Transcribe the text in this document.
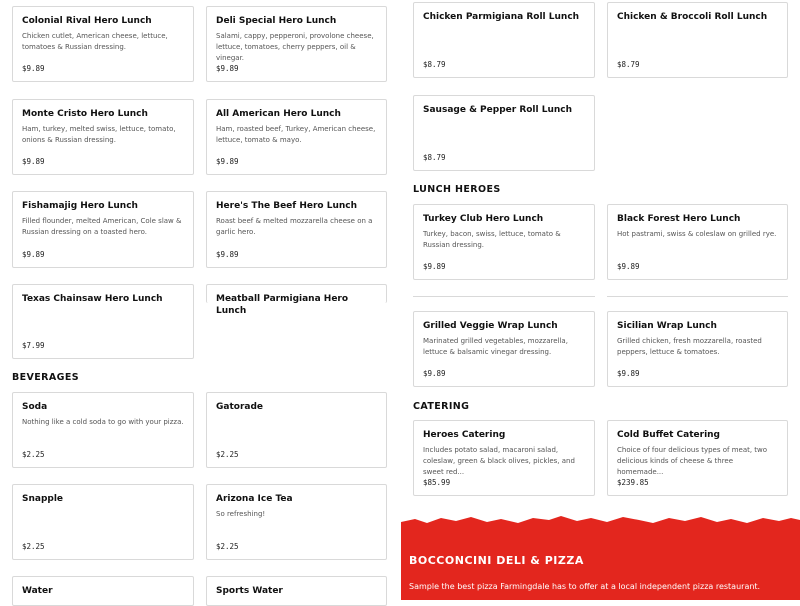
Colonial Rival Hero Lunch
Chicken cutlet, American cheese, lettuce, tomatoes & Russian dressing.
$9.89
Deli Special Hero Lunch
Salami, cappy, pepperoni, provolone cheese, lettuce, tomatoes, cherry peppers, oil & vinegar.
$9.89
Monte Cristo Hero Lunch
Ham, turkey, melted swiss, lettuce, tomato, onions & Russian dressing.
$9.89
All American Hero Lunch
Ham, roasted beef, Turkey, American cheese, lettuce, tomato & mayo.
$9.89
Fishamajig Hero Lunch
Filled flounder, melted American, Cole slaw & Russian dressing on a toasted hero.
$9.89
Here's The Beef Hero Lunch
Roast beef & melted mozzarella cheese on a garlic hero.
$9.89
Texas Chainsaw Hero Lunch
$7.99
Meatball Parmigiana Hero Lunch
BEVERAGES
Soda
Nothing like a cold soda to go with your pizza.
$2.25
Gatorade
$2.25
Snapple
$2.25
Arizona Ice Tea
So refreshing!
$2.25
Water	Sports Water
Chicken Parmigiana Roll Lunch
$8.79
Chicken & Broccoli Roll Lunch
$8.79
Sausage & Pepper Roll Lunch
$8.79
LUNCH HEROES
Turkey Club Hero Lunch
Turkey, bacon, swiss, lettuce, tomato & Russian dressing.
$9.89
Black Forest Hero Lunch
Hot pastrami, swiss & coleslaw on grilled rye.
$9.89
Grilled Veggie Wrap Lunch
Marinated grilled vegetables, mozzarella, lettuce & balsamic vinegar dressing.
$9.89
Sicilian Wrap Lunch
Grilled chicken, fresh mozzarella, roasted peppers, lettuce & tomatoes.
$9.89
CATERING
Heroes Catering
Includes potato salad, macaroni salad, coleslaw, green & black olives, pickles, and sweet red...
$85.99
Cold Buffet Catering
Choice of four delicious types of meat, two delicious kinds of cheese & three homemade...
$239.85
BOCCONCINI DELI & PIZZA
Sample the best pizza Farmingdale has to offer at a local independent pizza restaurant.
